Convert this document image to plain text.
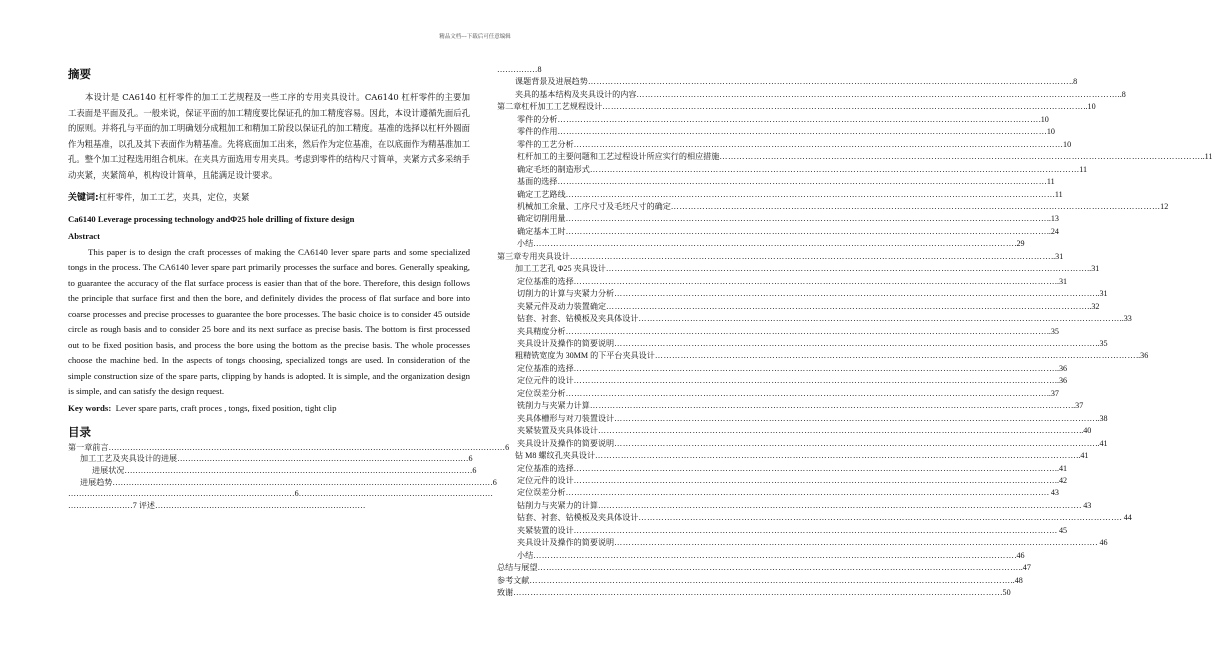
精品文档---下载后可任意编辑
摘要

本设计是 CA6140 杠杆零件的加工工艺规程及一些工序的专用夹具设计。CA6140 杠杆零件的主要加工表面是平面及孔。一般来说，保证平面的加工精度要比保证孔的加工精度容易。因此，本设计遵循先面后孔的原则。并将孔与平面的加工明确划分成粗加工和精加工阶段以保证孔的加工精度。基准的选择以杠杆外圆面作为粗基准，以孔及其下表面作为精基准。先将底面加工出来，然后作为定位基准，在以底面作为精基准加工孔。整个加工过程选用组合机床。在夹具方面选用专用夹具。考虑到零件的结构尺寸简单，夹紧方式多采纳手动夹紧，夹紧简单，机构设计简单，且能满足设计要求。

关键词:杠杆零件，加工工艺，夹具，定位，夹紧
Ca6140 Leverage processing technology andΦ25 hole drilling of fixture design
Abstract

This paper is to design the craft processes of making the CA6140 lever spare parts and some specialized tongs in the process. The CA6140 lever spare part primarily processes the surface and bores. Generally speaking, to guarantee the accuracy of the flat surface process is easier than that of the bore. Therefore, this design follows the principle that surface first and then the bore, and definitely divides the process of flat surface and bore into coarse processes and precise processes to guarantee the bore processes. The basic choice is to consider 45 outside circle as rough basis and to consider 25 bore and its next surface as precise basis. The bottom is first processed out to be fixed position basis, and process the bore using the bottom as the precise basis. The whole processes choose the machine bed. In the aspects of tongs choosing, specialized tongs are used. In consideration of the simple construction size of the spare parts, clipping by hands is adopted. It is simple, and the organization design is simple, and can satisfy the design request.

Key words: Lever spare parts, craft proces , tongs, fixed position, tight clip
目录
第一章前言…………………………………………………………………………………………………………………………………6
加工工艺及夹具设计的进展………………………………………………………………………………………………6
进展状况…………………………………………………………………………………………………………………6
进展趋势……………………………………………………………………………………………………………………………6
…………………………………………………………………………6………………………………………………………………
……………………7 评述……………………………………………………………………
……………8
课题背景及进展趋势 …………………………………………………………………………………………………………………………………………………… ..8
夹具的基本结构及夹具设计的内容 …………………………………………………………………………………………………………………………………………………… ..8
第二章杠杆加工工艺规程设计 …………………………………………………………………………………………………………………………………………………… ..10
零件的分析 …………………………………………………………………………………………………………………………………………………… .10
零件的作用 …………………………………………………………………………………………………………………………………………………… …10
零件的工艺分析 …………………………………………………………………………………………………………………………………………………… …10
杠杆加工的主要问题和工艺过程设计所应实行的相应措施 …………………………………………………………………………………………………………………………………………………… ..11
确定毛坯的制造形式 …………………………………………………………………………………………………………………………………………………… …11
基面的选择 …………………………………………………………………………………………………………………………………………………… …11
确定工艺路线 …………………………………………………………………………………………………………………………………………………… …11
机械加工余量、工序尺寸及毛坯尺寸的确定 …………………………………………………………………………………………………………………………………………………… …12
确定切削用量 …………………………………………………………………………………………………………………………………………………… ..13
确定基本工时 …………………………………………………………………………………………………………………………………………………… ..24
小结 …………………………………………………………………………………………………………………………………………………… .29
第三章专用夹具设计 …………………………………………………………………………………………………………………………………………………… ..31
加工工艺孔 Φ25 夹具设计 …………………………………………………………………………………………………………………………………………………… ..31
定位基准的选择 …………………………………………………………………………………………………………………………………………………… ..31
切削力的计算与夹紧力分析 …………………………………………………………………………………………………………………………………………………… ..31
夹紧元件及动力装置确定 …………………………………………………………………………………………………………………………………………………… ..32
钻套、衬套、钻模板及夹具体设计 …………………………………………………………………………………………………………………………………………………… ..33
夹具精度分析 …………………………………………………………………………………………………………………………………………………… ..35
夹具设计及操作的简要说明 …………………………………………………………………………………………………………………………………………………… ..35
粗精铣宽度为 30MM 的下平台夹具设计 …………………………………………………………………………………………………………………………………………………… ..36
定位基准的选择 …………………………………………………………………………………………………………………………………………………… ..36
定位元件的设计 …………………………………………………………………………………………………………………………………………………… ..36
定位误差分析 …………………………………………………………………………………………………………………………………………………… ..37
铣削力与夹紧力计算 …………………………………………………………………………………………………………………………………………………… ..37
夹具体槽形与对刀装置设计 …………………………………………………………………………………………………………………………………………………… ..38
夹紧装置及夹具体设计 …………………………………………………………………………………………………………………………………………………… ..40
夹具设计及操作的简要说明 …………………………………………………………………………………………………………………………………………………… ..41
钻 M8 螺纹孔夹具设计 …………………………………………………………………………………………………………………………………………………… ..41
定位基准的选择 …………………………………………………………………………………………………………………………………………………… ..41
定位元件的设计 …………………………………………………………………………………………………………………………………………………… ..42
定位误差分析 …………………………………………………………………………………………………………………………………………………… . 43
钻削力与夹紧力的计算 …………………………………………………………………………………………………………………………………………………… . 43
钻套、衬套、钻模板及夹具体设计 …………………………………………………………………………………………………………………………………………………… . 44
夹紧装置的设计 …………………………………………………………………………………………………………………………………………………… . 45
夹具设计及操作的简要说明 …………………………………………………………………………………………………………………………………………………… . 46
小结 …………………………………………………………………………………………………………………………………………………… .46
总结与展望 …………………………………………………………………………………………………………………………………………………… ..47
参考文献 …………………………………………………………………………………………………………………………………………………… ..48
致谢 …………………………………………………………………………………………………………………………………………………… …50
